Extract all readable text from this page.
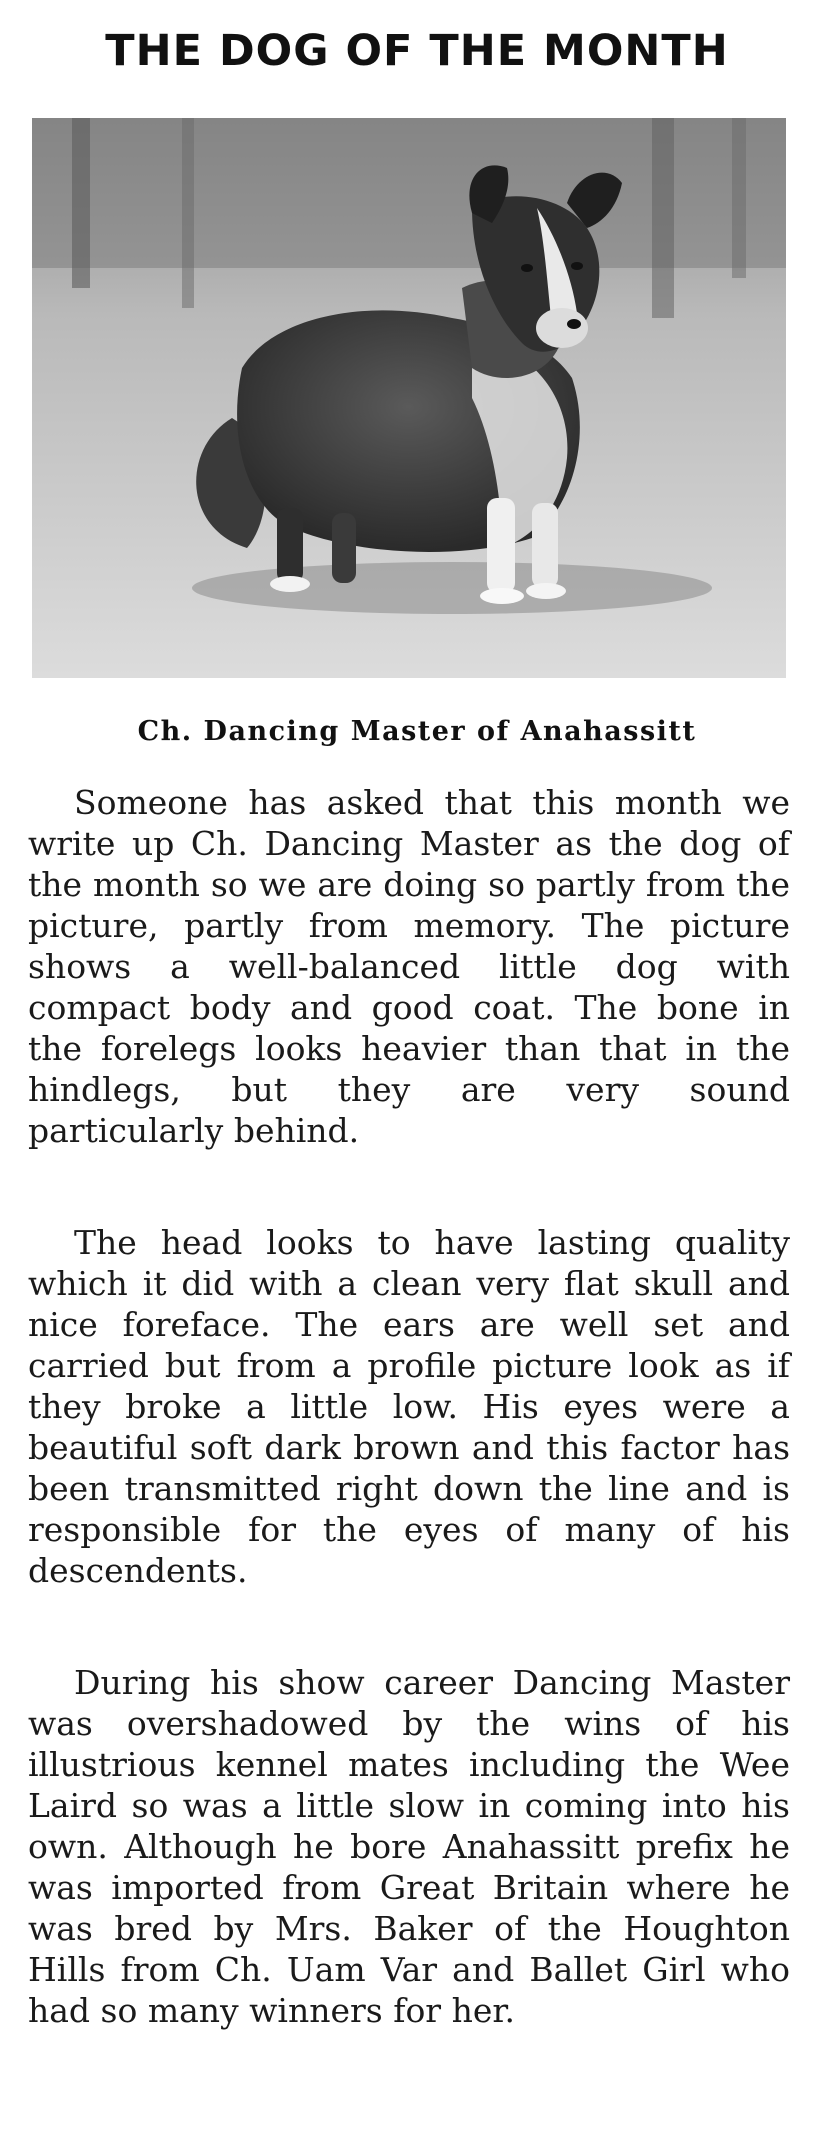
THE DOG OF THE MONTH

Ch. Dancing Master of Anahassitt

Someone has asked that this month we write up Ch. Dancing Master as the dog of the month so we are doing so partly from the picture, partly from memory. The picture shows a well-balanced little dog with compact body and good coat. The bone in the forelegs looks heavier than that in the hindlegs, but they are very sound particularly behind.

The head looks to have lasting quality which it did with a clean very flat skull and nice foreface. The ears are well set and carried but from a profile picture look as if they broke a little low. His eyes were a beautiful soft dark brown and this factor has been transmitted right down the line and is responsible for the eyes of many of his descendents.

During his show career Dancing Master was overshadowed by the wins of his illustrious kennel mates including the Wee Laird so was a little slow in coming into his own. Although he bore Anahassitt prefix he was imported from Great Britain where he was bred by Mrs. Baker of the Houghton Hills from Ch. Uam Var and Ballet Girl who had so many winners for her.
